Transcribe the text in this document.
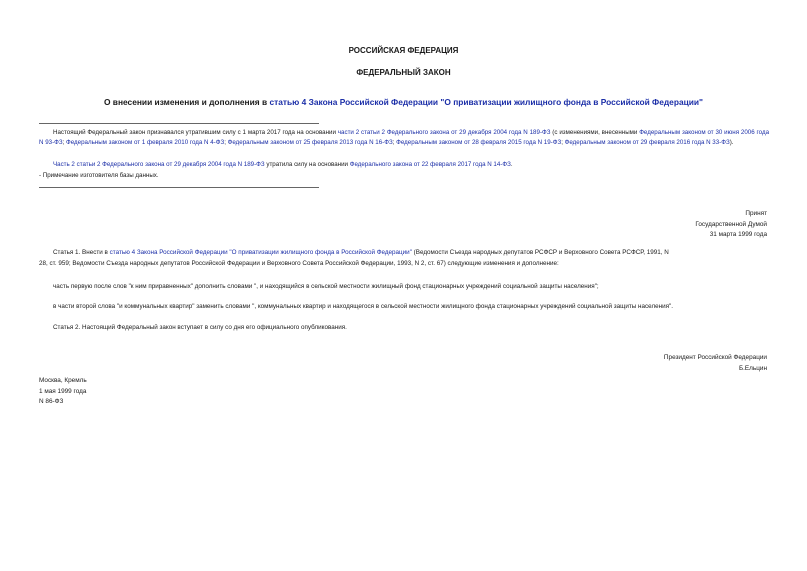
РОССИЙСКАЯ ФЕДЕРАЦИЯ
ФЕДЕРАЛЬНЫЙ ЗАКОН
О внесении изменения и дополнения в статью 4 Закона Российской Федерации "О приватизации жилищного фонда в Российской Федерации"
Настоящий Федеральный закон признавался утратившим силу с 1 марта 2017 года на основании части 2 статьи 2 Федерального закона от 29 декабря 2004 года N 189-ФЗ (с изменениями, внесенными Федеральным законом от 30 июня 2006 года N 93-ФЗ; Федеральным законом от 1 февраля 2010 года N 4-ФЗ; Федеральным законом от 25 февраля 2013 года N 16-ФЗ; Федеральным законом от 28 февраля 2015 года N 19-ФЗ; Федеральным законом от 29 февраля 2016 года N 33-ФЗ).
Часть 2 статьи 2 Федерального закона от 29 декабря 2004 года N 189-ФЗ утратила силу на основании Федерального закона от 22 февраля 2017 года N 14-ФЗ.
- Примечание изготовителя базы данных.
Принят
Государственной Думой
31 марта 1999 года
Статья 1. Внести в статью 4 Закона Российской Федерации "О приватизации жилищного фонда в Российской Федерации" (Ведомости Съезда народных депутатов РСФСР и Верховного Совета РСФСР, 1991, N
28, ст. 959; Ведомости Съезда народных депутатов Российской Федерации и Верховного Совета Российской Федерации, 1993, N 2, ст. 67) следующие изменения и дополнение:
часть первую после слов "к ним приравненных" дополнить словами ", и находящийся в сельской местности жилищный фонд стационарных учреждений социальной защиты населения";
в части второй слова "и коммунальных квартир" заменить словами ", коммунальных квартир и находящегося в сельской местности жилищного фонда стационарных учреждений социальной защиты населения".
Статья 2. Настоящий Федеральный закон вступает в силу со дня его официального опубликования.
Президент Российской Федерации
Б.Ельцин
Москва, Кремль
1 мая 1999 года
N 86-ФЗ
